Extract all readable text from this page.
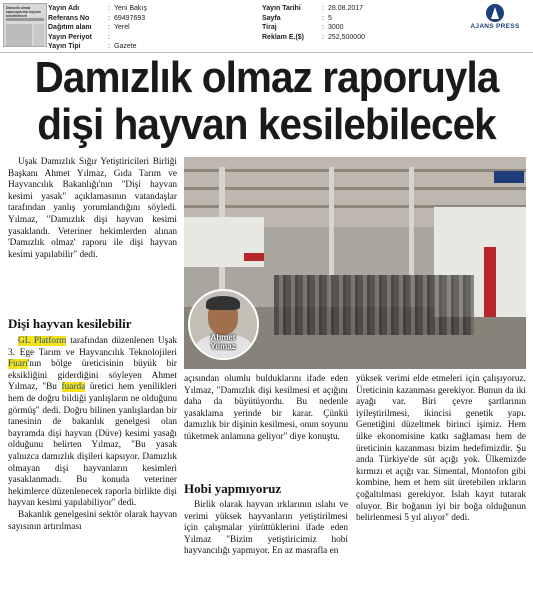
Damızlık olmaz raporuyla dişi hayvan kesilebilecek
Yayın Adı	: Yeni Bakış
Referans No	: 69497693
Dağıtım alanı	: Yerel
Yayın Periyot	:
Yayın Tipi	: Gazete
Yayın Tarihi	: 28.08.2017
Sayfa	: 5
Tiraj	: 3000
Reklam E.($)	: 252,500000
AJANS PRESS
Damızlık olmaz raporuyla
dişi hayvan kesilebilecek

Uşak Damızlık Sığır Yetiştiricileri Birliği Başkanı Ahmet Yılmaz, Gıda Tarım ve Hayvancılık Bakanlığı'nın "Dişi hayvan kesimi yasak" açıklamasının vatandaşlar tarafından yanlış yorumlandığını söyledi. Yılmaz, "Damızlık dişi hayvan kesimi yasaklandı. Veteriner hekimlerden alınan 'Damızlık olmaz' raporu ile dişi hayvan kesimi yapılabilir" dedi.

Dişi hayvan kesilebilir

GL Platform tarafından düzenlenen Uşak 3. Ege Tarım ve Hayvancılık Teknolojileri Fuarı'nın bölge üreticisinin büyük bir eksikliğini giderdiğini söyleyen Ahmet Yılmaz, "Bu fuarda üretici hem yenilikleri hem de doğru bildiği yanlışların ne olduğunu görmüş" dedi. Doğru bilinen yanlışlardan bir tanesinin de bakanlık genelgesi olan bayramda dişi hayvan (Düve) kesimi yasağı olduğunu belirten Yılmaz, "Bu yasak yalnızca damızlık dişileri kapsıyor. Damızlık olmayan dişi hayvanların kesimleri yasaklanmadı. Bu konuda veteriner hekimlerce düzenlenecek raporla birlikte dişi hayvan kesimi yapılabiliyor" dedi.

Bakanlık genelgesini sektör olarak hayvan sayısının artırılması

Ahmet Yılmaz

açısından olumlu bulduklarını ifade eden Yılmaz, "Damızlık dişi kesilmesi et açığını daha da büyütüyordu. Bu nedenle yasaklama yerinde bir karar. Çünkü damızlık bir dişinin kesilmesi, onun soyunu tüketmek anlamına geliyor" diye konuştu.

Hobi yapmıyoruz

Birlik olarak hayvan ırklarının ıslahı ve verimi yüksek hayvanların yetiştirilmesi için çalışmalar yürüttüklerini ifade eden Yılmaz "Bizim yetiştiricimiz hobi hayvancılığı yapmıyor. En az masrafla en

yüksek verimi elde etmeleri için çalışıyoruz. Üreticinin kazanması gerekiyor. Bunun da iki ayağı var. Biri çevre şartlarının iyileştirilmesi, ikincisi genetik yapı. Genetiğini düzeltmek birinci işimiz. Hem ülke ekonomisine katkı sağlaması hem de üreticinin kazanması bizim hedefimizdir. Şu anda Türkiye'de süt açığı yok. Ülkemizde kırmızı et açığı var. Simental, Montofon gibi kombine, hem et hem süt üretebilen ırkların çoğaltılması gerekiyor. Islah kayıt tutarak oluyor. Bir boğanın iyi bir boğa olduğunun belirlenmesi 5 yıl alıyor" dedi.
